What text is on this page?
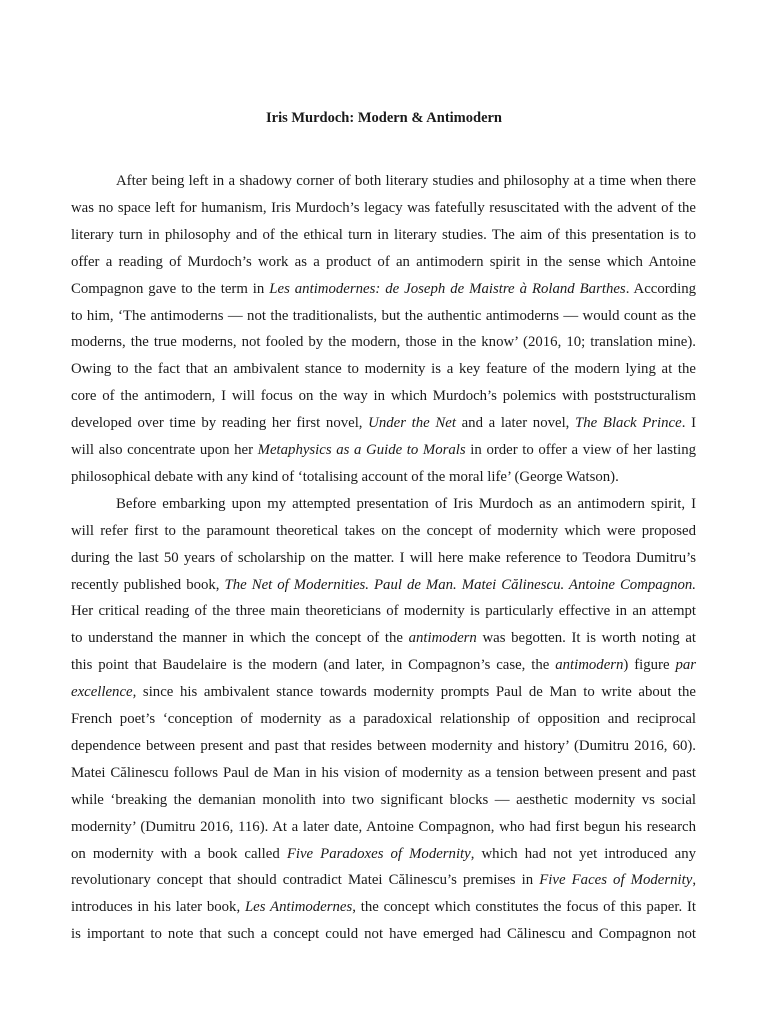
Iris Murdoch: Modern & Antimodern
After being left in a shadowy corner of both literary studies and philosophy at a time when there
was no space left for humanism, Iris Murdoch’s legacy was fatefully resuscitated with the advent of the
literary turn in philosophy and of the ethical turn in literary studies. The aim of this presentation is to
offer a reading of Murdoch’s work as a product of an antimodern spirit in the sense which Antoine
Compagnon gave to the term in Les antimodernes: de Joseph de Maistre à Roland Barthes. According
to him, ‘The antimoderns — not the traditionalists, but the authentic antimoderns — would count as the
moderns, the true moderns, not fooled by the modern, those in the know’ (2016, 10; translation mine).
Owing to the fact that an ambivalent stance to modernity is a key feature of the modern lying at the
core of the antimodern, I will focus on the way in which Murdoch’s polemics with poststructuralism
developed over time by reading her first novel, Under the Net and a later novel, The Black Prince. I
will also concentrate upon her Metaphysics as a Guide to Morals in order to offer a view of her lasting
philosophical debate with any kind of ‘totalising account of the moral life’ (George Watson).
Before embarking upon my attempted presentation of Iris Murdoch as an antimodern spirit, I
will refer first to the paramount theoretical takes on the concept of modernity which were proposed
during the last 50 years of scholarship on the matter. I will here make reference to Teodora Dumitru’s
recently published book, The Net of Modernities. Paul de Man. Matei Călinescu. Antoine Compagnon.
Her critical reading of the three main theoreticians of modernity is particularly effective in an attempt
to understand the manner in which the concept of the antimodern was begotten. It is worth noting at
this point that Baudelaire is the modern (and later, in Compagnon’s case, the antimodern) figure par
excellence, since his ambivalent stance towards modernity prompts Paul de Man to write about the
French poet’s ‘conception of modernity as a paradoxical relationship of opposition and reciprocal
dependence between present and past that resides between modernity and history’ (Dumitru 2016, 60).
Matei Călinescu follows Paul de Man in his vision of modernity as a tension between present and past
while ‘breaking the demanian monolith into two significant blocks — aesthetic modernity vs social
modernity’ (Dumitru 2016, 116). At a later date, Antoine Compagnon, who had first begun his research
on modernity with a book called Five Paradoxes of Modernity, which had not yet introduced any
revolutionary concept that should contradict Matei Călinescu’s premises in Five Faces of Modernity,
introduces in his later book, Les Antimodernes, the concept which constitutes the focus of this paper. It
is important to note that such a concept could not have emerged had Călinescu and Compagnon not
